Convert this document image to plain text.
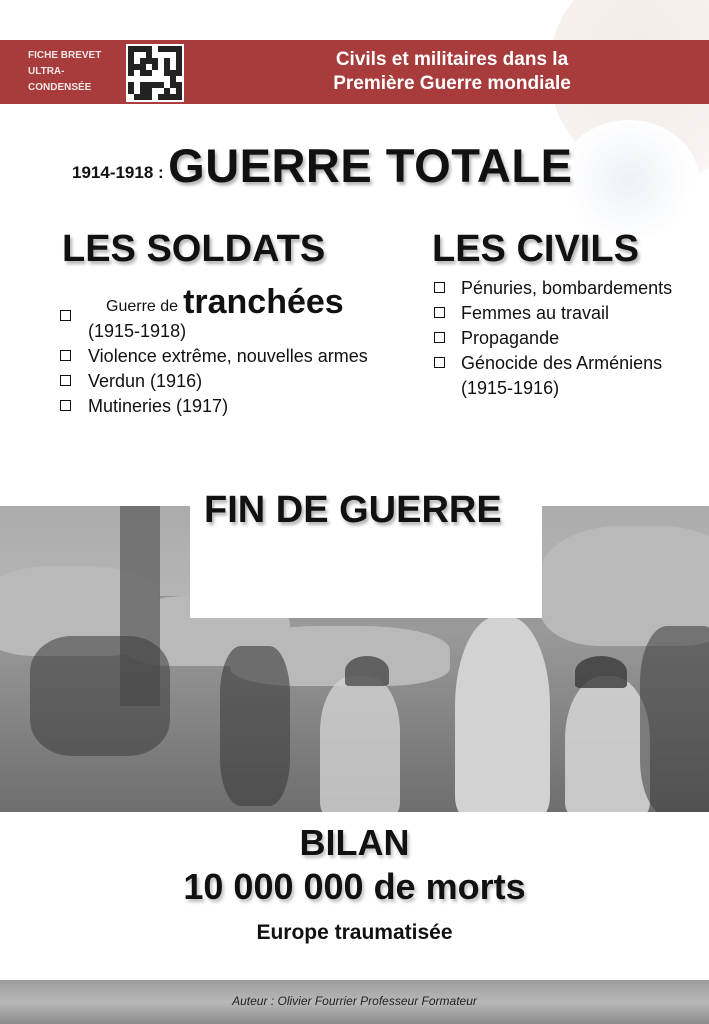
FICHE BREVET
ULTRA-
CONDENSÉE
Civils et militaires dans la
Première Guerre mondiale
1914-1918 : GUERRE TOTALE
LES SOLDATS
Guerre de tranchées
(1915-1918)
Violence extrême, nouvelles armes
Verdun (1916)
Mutineries (1917)
LES CIVILS
Pénuries, bombardements
Femmes au travail
Propagande
Génocide des Arméniens (1915-1916)
FIN DE GUERRE
BILAN
10 000 000 de morts
Europe traumatisée
Auteur : Olivier Fourrier Professeur Formateur
